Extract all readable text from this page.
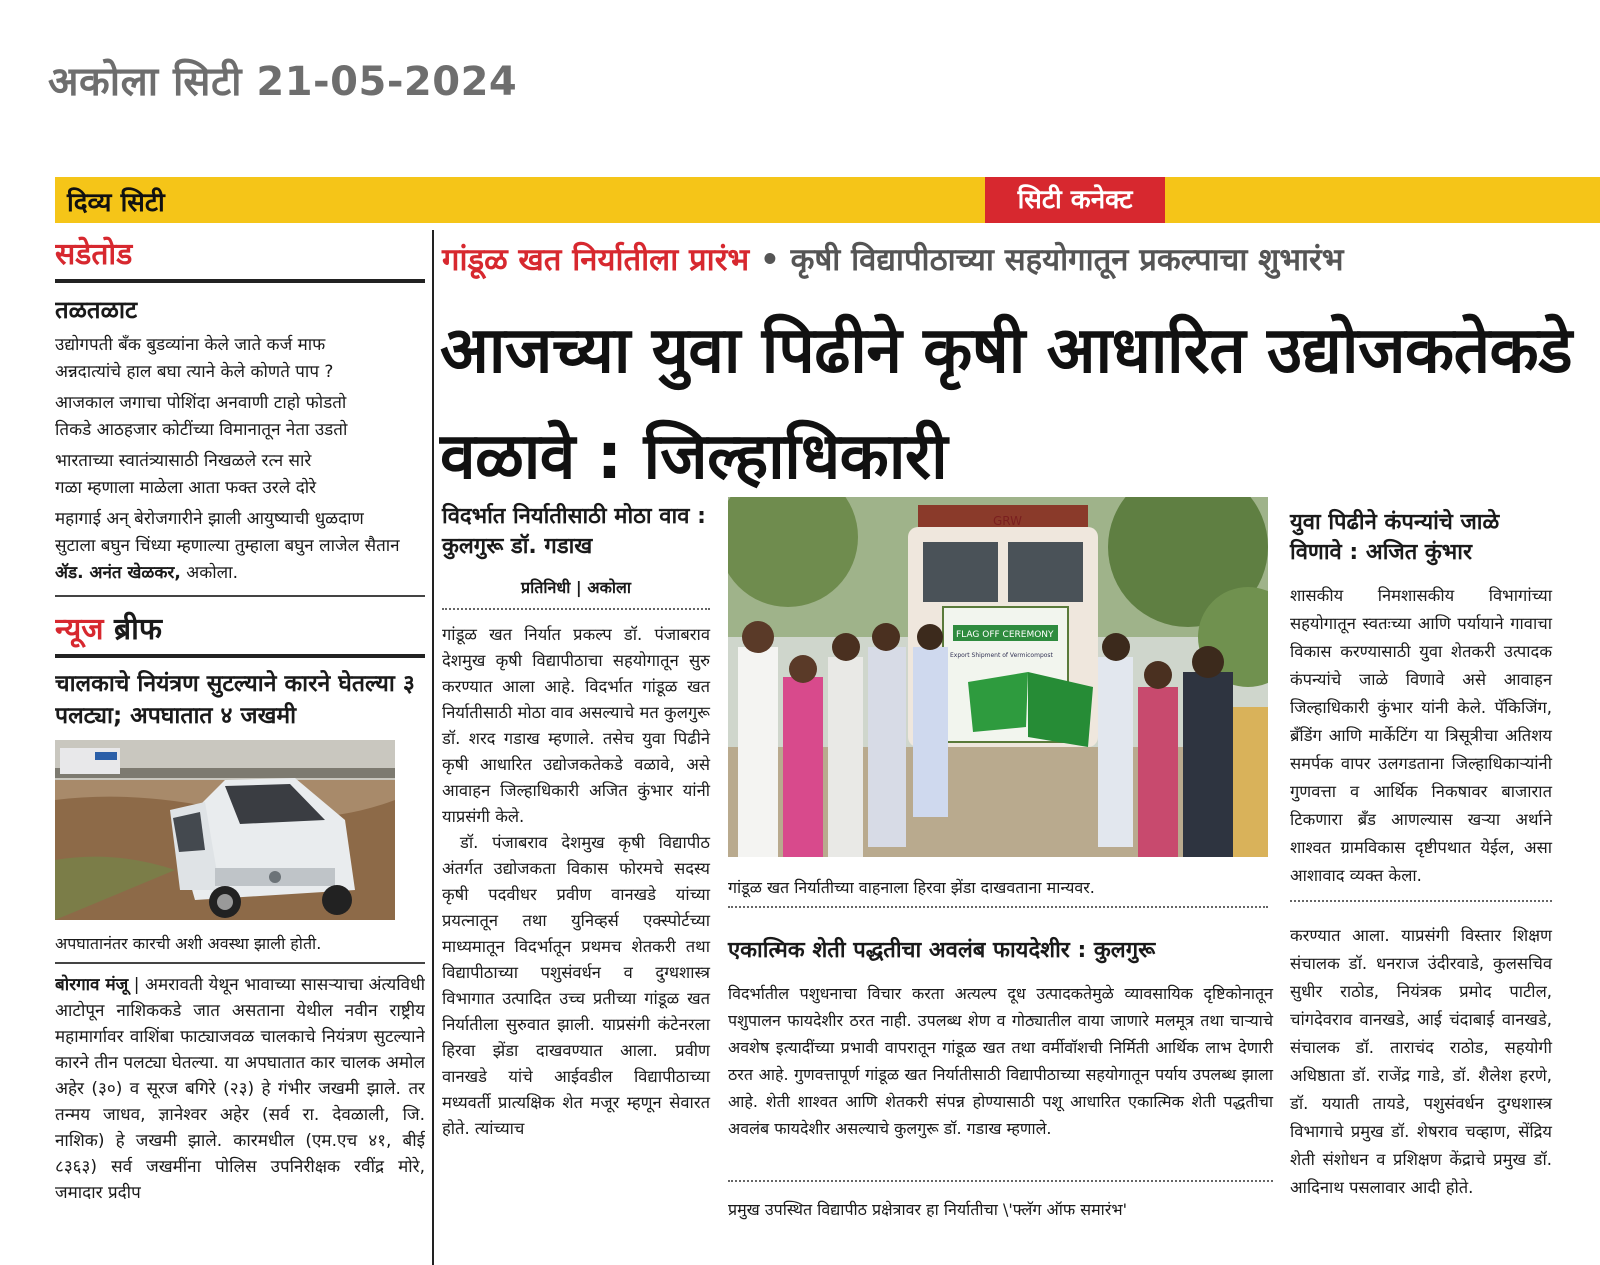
अकोला सिटी 21-05-2024
दिव्य सिटी	सिटी कनेक्ट
सडेतोड
तळतळाट

उद्योगपती बँक बुडव्यांना केले जाते कर्ज माफ

अन्नदात्यांचे हाल बघा त्याने केले कोणते पाप ?

आजकाल जगाचा पोशिंदा अनवाणी टाहो फोडतो

तिकडे आठहजार कोटींच्या विमानातून नेता उडतो

भारताच्या स्वातंत्र्यासाठी निखळले रत्न सारे

गळा म्हणाला माळेला आता फक्त उरले दोरे

महागाई अन् बेरोजगारीने झाली आयुष्याची धुळदाण

सुटाला बघुन चिंध्या म्हणाल्या तुम्हाला बघुन लाजेल सैतान

ॲड. अनंत खेळकर, अकोला.

न्यूज ब्रीफ
चालकाचे नियंत्रण सुटल्याने कारने घेतल्या ३ पलट्या; अपघातात ४ जखमी
अपघातानंतर कारची अशी अवस्था झाली होती.
बोरगाव मंजू | अमरावती येथून भावाच्या सासऱ्याचा अंत्यविधी आटोपून नाशिककडे जात असताना येथील नवीन राष्ट्रीय महामार्गावर वाशिंबा फाट्याजवळ चालकाचे नियंत्रण सुटल्याने कारने तीन पलट्या घेतल्या. या अपघातात कार चालक अमोल अहेर (३०) व सूरज बगिरे (२३) हे गंभीर जखमी झाले. तर तन्मय जाधव, ज्ञानेश्वर अहेर (सर्व रा. देवळाली, जि. नाशिक) हे जखमी झाले. कारमधील (एम.एच ४१, बीई ८३६३) सर्व जखमींना पोलिस उपनिरीक्षक रवींद्र मोरे, जमादार प्रदीप
गांडूळ खत निर्यातीला प्रारंभ • कृषी विद्यापीठाच्या सहयोगातून प्रकल्पाचा शुभारंभ
आजच्या युवा पिढीने कृषी आधारित उद्योजकतेकडे वळावे : जिल्हाधिकारी
विदर्भात निर्यातीसाठी मोठा वाव : कुलगुरू डॉ. गडाख
प्रतिनिधी | अकोला
गांडूळ खत निर्यात प्रकल्प डॉ. पंजाबराव देशमुख कृषी विद्यापीठाचा सहयोगातून सुरु करण्यात आला आहे. विदर्भात गांडूळ खत निर्यातीसाठी मोठा वाव असल्याचे मत कुलगुरू डॉ. शरद गडाख म्हणाले. तसेच युवा पिढीने कृषी आधारित उद्योजकतेकडे वळावे, असे आवाहन जिल्हाधिकारी अजित कुंभार यांनी याप्रसंगी केले.
डॉ. पंजाबराव देशमुख कृषी विद्यापीठ अंतर्गत उद्योजकता विकास फोरमचे सदस्य कृषी पदवीधर प्रवीण वानखडे यांच्या प्रयत्नातून तथा युनिव्हर्स एक्स्पोर्टच्या माध्यमातून विदर्भातून प्रथमच शेतकरी तथा विद्यापीठाच्या पशुसंवर्धन व दुग्धशास्त्र विभागात उत्पादित उच्च प्रतीच्या गांडूळ खत निर्यातीला सुरुवात झाली. याप्रसंगी कंटेनरला हिरवा झेंडा दाखवण्यात आला. प्रवीण वानखडे यांचे आईवडील विद्यापीठाच्या मध्यवर्ती प्रात्यक्षिक शेत मजूर म्हणून सेवारत होते. त्यांच्याच
GRW
FLAG OFF CEREMONY
Export Shipment of Vermicompost
गांडूळ खत निर्यातीच्या वाहनाला हिरवा झेंडा दाखवताना मान्यवर.
एकात्मिक शेती पद्धतीचा अवलंब फायदेशीर : कुलगुरू
विदर्भातील पशुधनाचा विचार करता अत्यल्प दूध उत्पादकतेमुळे व्यावसायिक दृष्टिकोनातून पशुपालन फायदेशीर ठरत नाही. उपलब्ध शेण व गोठ्यातील वाया जाणारे मलमूत्र तथा चाऱ्याचे अवशेष इत्यादींच्या प्रभावी वापरातून गांडूळ खत तथा वर्मीवॉशची निर्मिती आर्थिक लाभ देणारी ठरत आहे. गुणवत्तापूर्ण गांडूळ खत निर्यातीसाठी विद्यापीठाच्या सहयोगातून पर्याय उपलब्ध झाला आहे. शेती शाश्वत आणि शेतकरी संपन्न होण्यासाठी पशू आधारित एकात्मिक शेती पद्धतीचा अवलंब फायदेशीर असल्याचे कुलगुरू डॉ. गडाख म्हणाले.
प्रमुख उपस्थित विद्यापीठ प्रक्षेत्रावर हा निर्यातीचा \'फ्लॅग ऑफ समारंभ'
युवा पिढीने कंपन्यांचे जाळे विणावे : अजित कुंभार
शासकीय निमशासकीय विभागांच्या सहयोगातून स्वतःच्या आणि पर्यायाने गावाचा विकास करण्यासाठी युवा शेतकरी उत्पादक कंपन्यांचे जाळे विणावे असे आवाहन जिल्हाधिकारी कुंभार यांनी केले. पॅकिजिंग, ब्रँडिंग आणि मार्केटिंग या त्रिसूत्रीचा अतिशय समर्पक वापर उलगडताना जिल्हाधिकाऱ्यांनी गुणवत्ता व आर्थिक निकषावर बाजारात टिकणारा ब्रँड आणल्यास खऱ्या अर्थाने शाश्वत ग्रामविकास दृष्टीपथात येईल, असा आशावाद व्यक्त केला.
करण्यात आला. याप्रसंगी विस्तार शिक्षण संचालक डॉ. धनराज उंदीरवाडे, कुलसचिव सुधीर राठोड, नियंत्रक प्रमोद पाटील, चांगदेवराव वानखडे, आई चंदाबाई वानखडे, संचालक डॉ. ताराचंद राठोड, सहयोगी अधिष्ठाता डॉ. राजेंद्र गाडे, डॉ. शैलेश हरणे, डॉ. ययाती तायडे, पशुसंवर्धन दुग्धशास्त्र विभागाचे प्रमुख डॉ. शेषराव चव्हाण, सेंद्रिय शेती संशोधन व प्रशिक्षण केंद्राचे प्रमुख डॉ. आदिनाथ पसलावार आदी होते.
